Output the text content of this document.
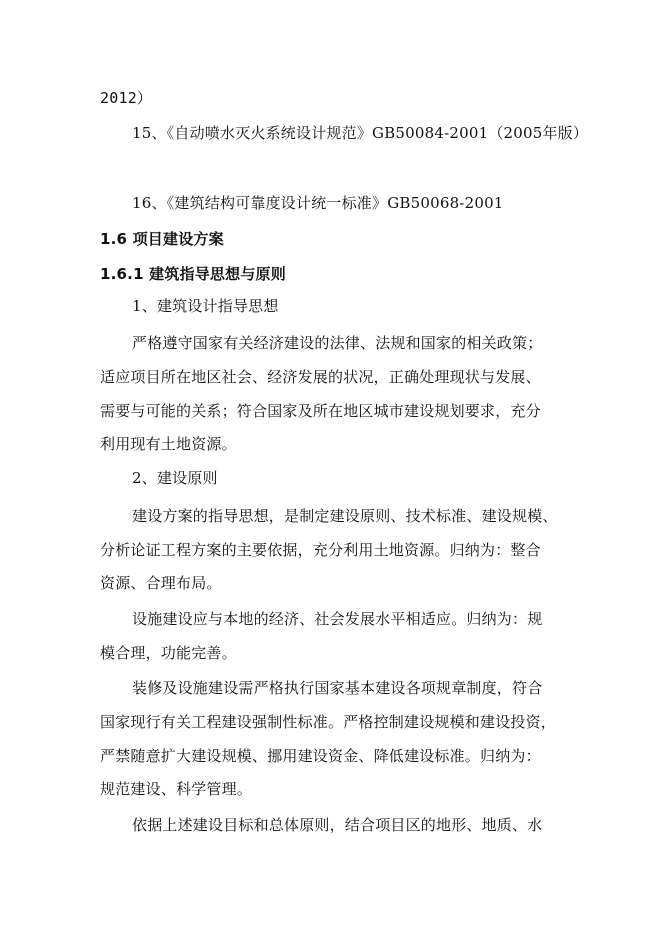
2012）
15、《自动喷水灭火系统设计规范》GB50084-2001（2005年版）
16、《建筑结构可靠度设计统一标准》GB50068-2001
1.6 项目建设方案
1.6.1 建筑指导思想与原则
1、建筑设计指导思想
严格遵守国家有关经济建设的法律、法规和国家的相关政策；
适应项目所在地区社会、经济发展的状况，正确处理现状与发展、
需要与可能的关系；符合国家及所在地区城市建设规划要求，充分
利用现有土地资源。
2、建设原则
建设方案的指导思想，是制定建设原则、技术标准、建设规模、
分析论证工程方案的主要依据，充分利用土地资源。归纳为：整合
资源、合理布局。
设施建设应与本地的经济、社会发展水平相适应。归纳为：规
模合理，功能完善。
装修及设施建设需严格执行国家基本建设各项规章制度，符合
国家现行有关工程建设强制性标准。严格控制建设规模和建设投资，
严禁随意扩大建设规模、挪用建设资金、降低建设标准。归纳为：
规范建设、科学管理。
依据上述建设目标和总体原则，结合项目区的地形、地质、水
